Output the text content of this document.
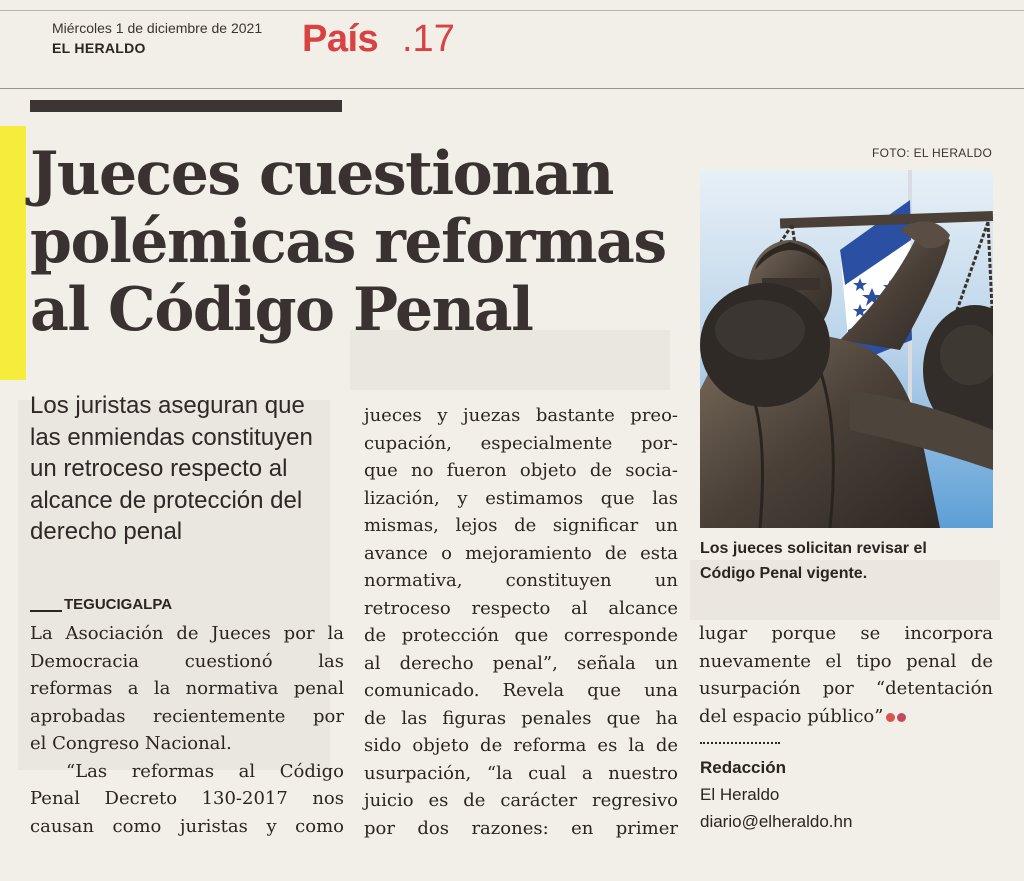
Miércoles 1 de diciembre de 2021
EL HERALDO	País .17
Jueces cuestionan
polémicas reformas
al Código Penal
Los juristas aseguran que
las enmiendas constituyen
un retroceso respecto al
alcance de protección del
derecho penal
TEGUCIGALPA
La Asociación de Jueces por la
Democracia cuestionó las
reformas a la normativa penal
aprobadas recientemente por
el Congreso Nacional.
“Las reformas al Código
Penal Decreto 130-2017 nos
causan como juristas y como
jueces y juezas bastante preo-
cupación, especialmente por-
que no fueron objeto de socia-
lización, y estimamos que las
mismas, lejos de significar un
avance o mejoramiento de esta
normativa, constituyen un
retroceso respecto al alcance
de protección que corresponde
al derecho penal”, señala un
comunicado. Revela que una
de las figuras penales que ha
sido objeto de reforma es la de
usurpación, “la cual a nuestro
juicio es de carácter regresivo
por dos razones: en primer
FOTO: EL HERALDO
Los jueces solicitan revisar el
Código Penal vigente.
lugar porque se incorpora
nuevamente el tipo penal de
usurpación por “detentación
del espacio público”
Redacción
El Heraldo
diario@elheraldo.hn
